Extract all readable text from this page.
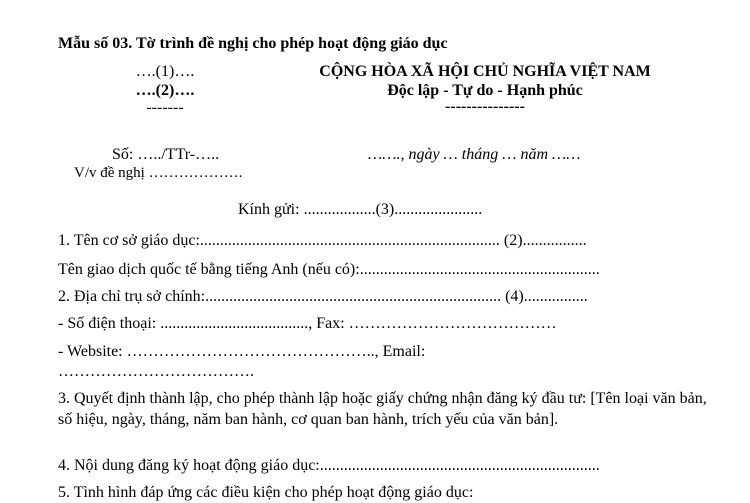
Mẫu số 03. Tờ trình đề nghị cho phép hoạt động giáo dục
….(1)….
….(2)….
-------
CỘNG HÒA XÃ HỘI CHỦ NGHĨA VIỆT NAM
Độc lập - Tự do - Hạnh phúc
---------------
Số: …../TTr-…..	……., ngày … tháng … năm ……
V/v đề nghị ……………….
Kính gửi: ..................(3)......................
1. Tên cơ sở giáo dục:........................................................................... (2)................
Tên giao dịch quốc tế bằng tiếng Anh (nếu có):............................................................
2. Địa chỉ trụ sở chính:.......................................................................... (4)................
- Số điện thoại: ....................................., Fax: …………………………………
- Website: ……………………………………….., Email:
……………………………….
3. Quyết định thành lập, cho phép thành lập hoặc giấy chứng nhận đăng ký đầu tư: [Tên loại văn bản, số hiệu, ngày, tháng, năm ban hành, cơ quan ban hành, trích yếu của văn bản].
4. Nội dung đăng ký hoạt động giáo dục:......................................................................
5. Tình hình đáp ứng các điều kiện cho phép hoạt động giáo dục:
